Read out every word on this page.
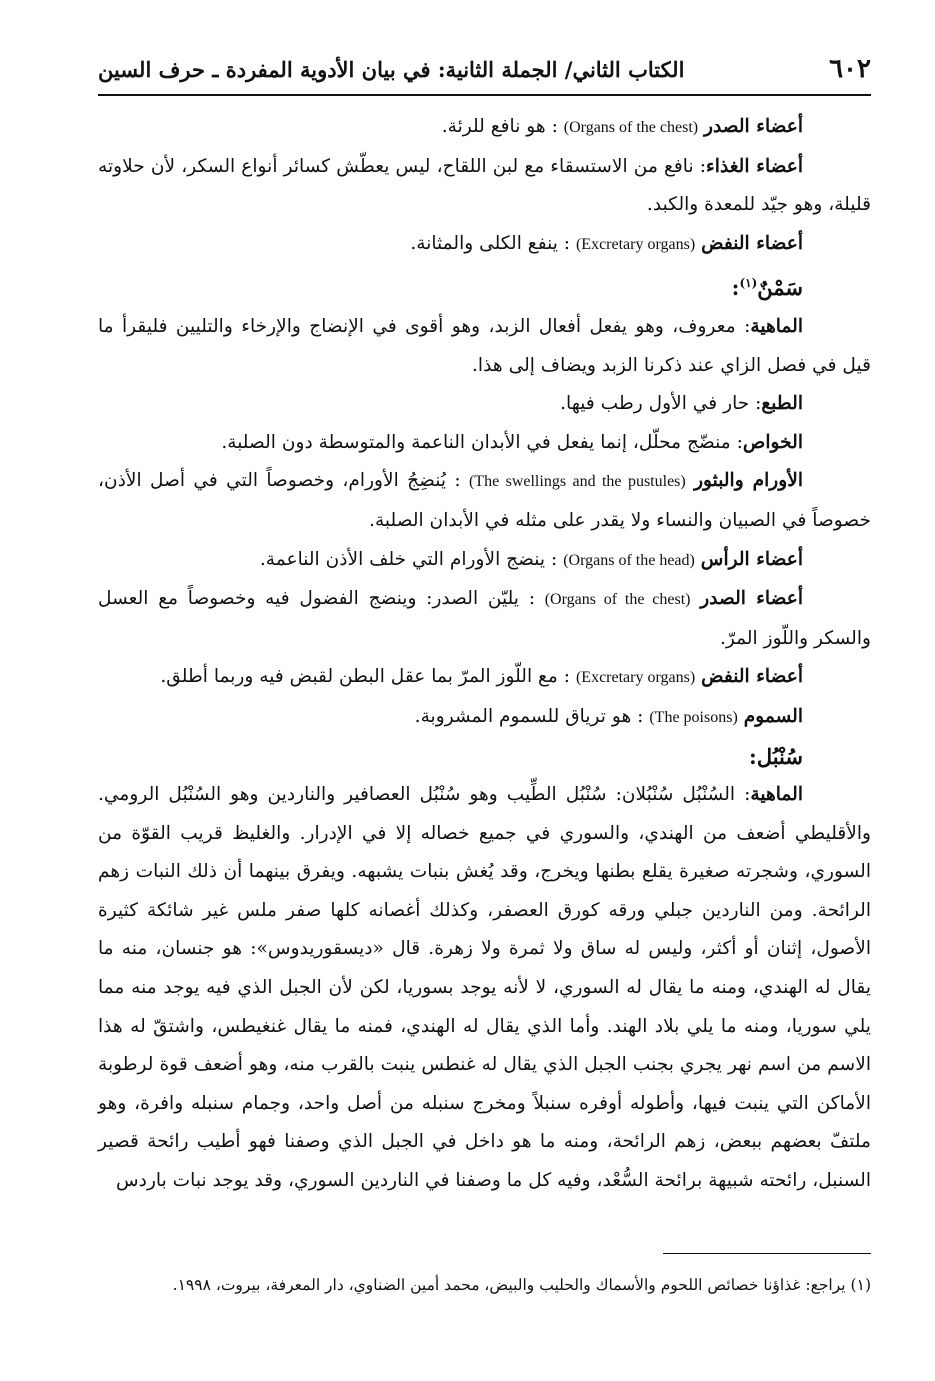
٦٠٢
الكتاب الثاني/ الجملة الثانية: في بيان الأدوية المفردة ـ حرف السين

أعضاء الصدر (Organs of the chest) : هو نافع للرئة.

أعضاء الغذاء: نافع من الاستسقاء مع لبن اللقاح، ليس يعطّش كسائر أنواع السكر، لأن حلاوته قليلة، وهو جيّد للمعدة والكبد.

أعضاء النفض (Excretary organs) : ينفع الكلى والمثانة.

سَمْنٌ$^{(١)}$:

الماهية: معروف، وهو يفعل أفعال الزبد، وهو أقوى في الإنضاج والإرخاء والتليين فليقرأ ما قيل في فصل الزاي عند ذكرنا الزبد ويضاف إلى هذا.

الطبع: حار في الأول رطب فيها.

الخواص: منضّج محلّل، إنما يفعل في الأبدان الناعمة والمتوسطة دون الصلبة.

الأورام والبثور (The swellings and the pustules) : يُنضِجُ الأورام، وخصوصاً التي في أصل الأذن، خصوصاً في الصبيان والنساء ولا يقدر على مثله في الأبدان الصلبة.

أعضاء الرأس (Organs of the head) : ينضج الأورام التي خلف الأذن الناعمة.

أعضاء الصدر (Organs of the chest) : يليّن الصدر: وينضج الفضول فيه وخصوصاً مع العسل والسكر واللّوز المرّ.

أعضاء النفض (Excretary organs) : مع اللّوز المرّ بما عقل البطن لقبض فيه وربما أطلق.

السموم (The poisons) : هو ترياق للسموم المشروبة.

سُنْبُل:

الماهية: السُنْبُل سُنْبُلان: سُنْبُل الطِّيب وهو سُنْبُل العصافير والناردين وهو السُنْبُل الرومي. والأقليطي أضعف من الهندي، والسوري في جميع خصاله إلا في الإدرار. والغليظ قريب القوّة من السوري، وشجرته صغيرة يقلع بطنها ويخرج، وقد يُغش بنبات يشبهه. ويفرق بينهما أن ذلك النبات زهم الرائحة. ومن الناردين جبلي ورقه كورق العصفر، وكذلك أغصانه كلها صفر ملس غير شائكة كثيرة الأصول، إثنان أو أكثر، وليس له ساق ولا ثمرة ولا زهرة. قال «ديسقوريدوس»: هو جنسان، منه ما يقال له الهندي، ومنه ما يقال له السوري، لا لأنه يوجد بسوريا، لكن لأن الجبل الذي فيه يوجد منه مما يلي سوريا، ومنه ما يلي بلاد الهند. وأما الذي يقال له الهندي، فمنه ما يقال غنغيطس، واشتقّ له هذا الاسم من اسم نهر يجري بجنب الجبل الذي يقال له غنطس ينبت بالقرب منه، وهو أضعف قوة لرطوبة الأماكن التي ينبت فيها، وأطوله أوفره سنبلاً ومخرج سنبله من أصل واحد، وجمام سنبله وافرة، وهو ملتفّ بعضهم ببعض، زهم الرائحة، ومنه ما هو داخل في الجبل الذي وصفنا فهو أطيب رائحة قصير السنبل، رائحته شبيهة برائحة السُّعْد، وفيه كل ما وصفنا في الناردين السوري، وقد يوجد نبات باردس

(١) يراجع: غذاؤنا خصائص اللحوم والأسماك والحليب والبيض، محمد أمين الضناوي، دار المعرفة، بيروت، ١٩٩٨.
